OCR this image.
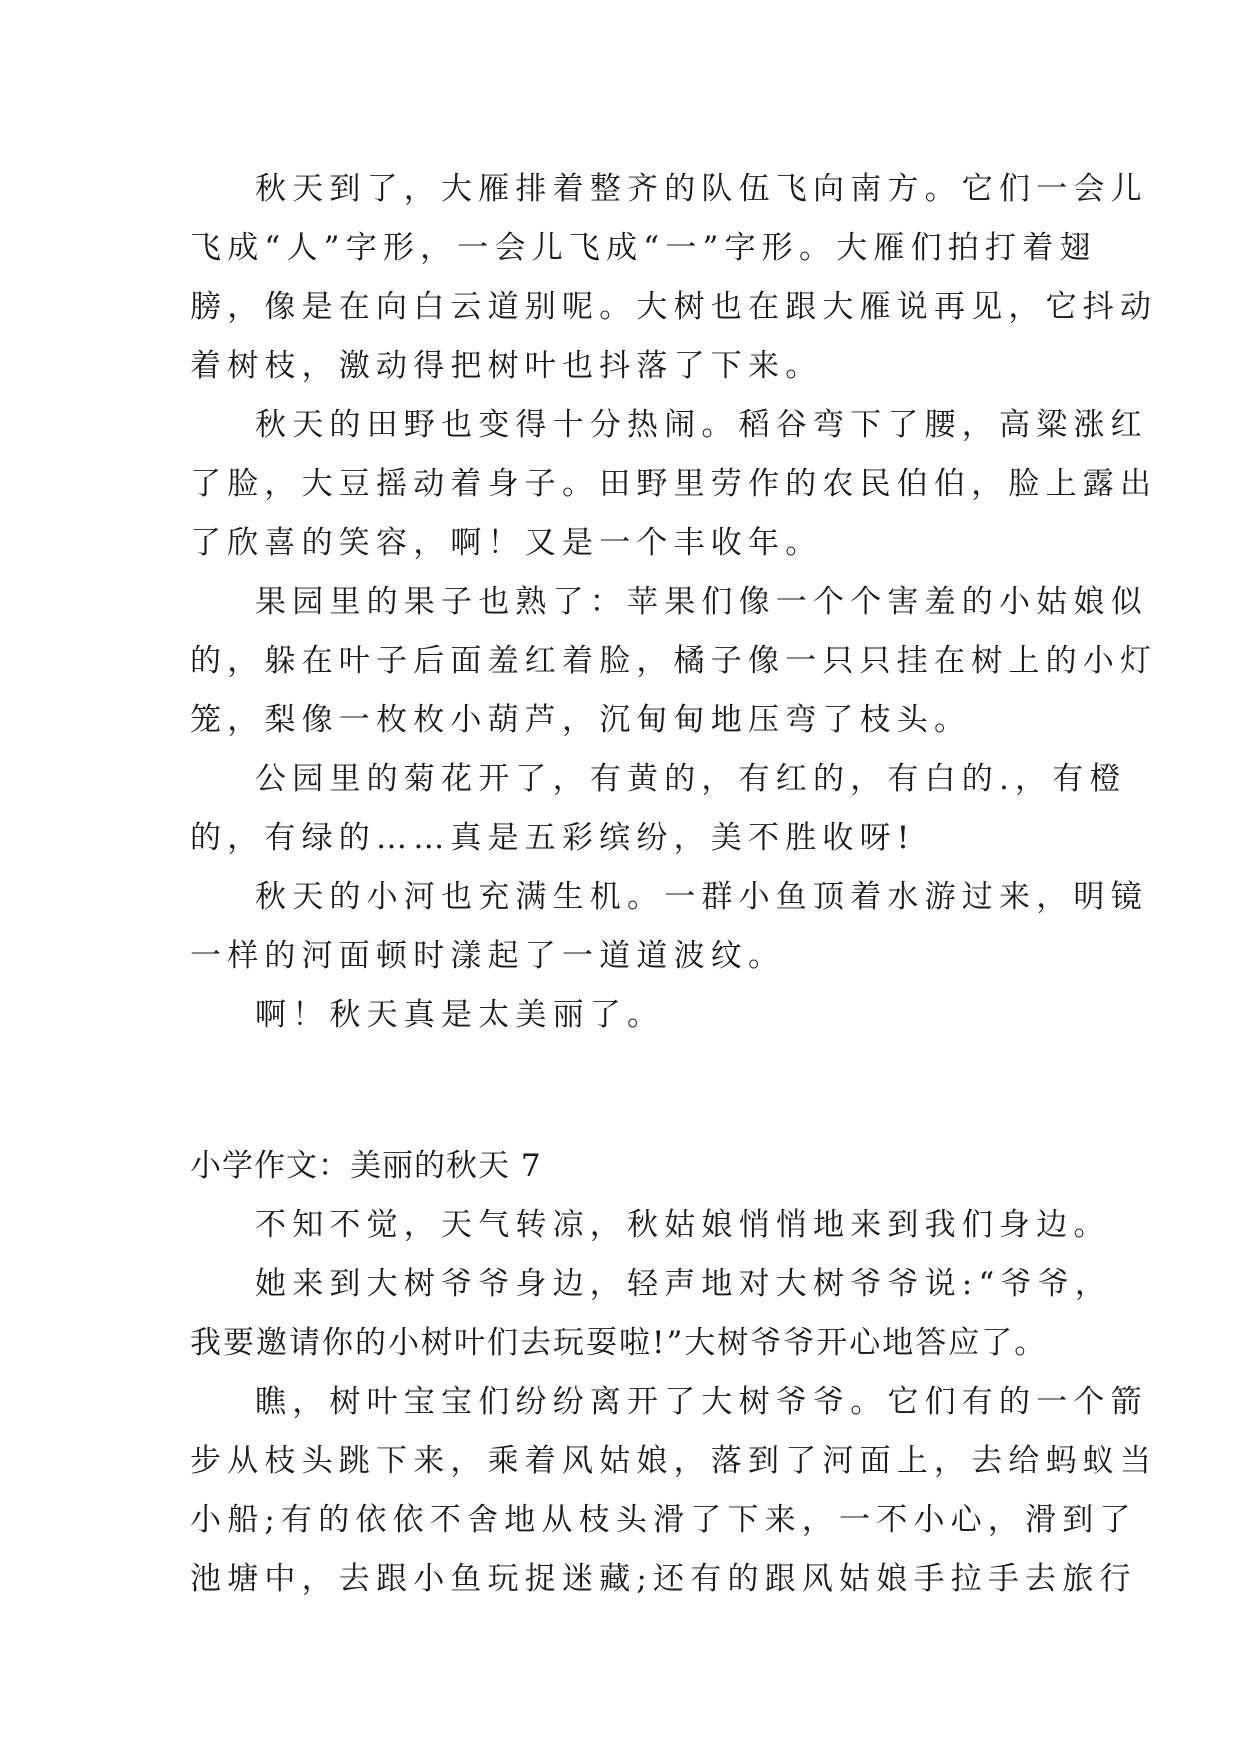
秋天到了，大雁排着整齐的队伍飞向南方。它们一会儿
飞成“人”字形，一会儿飞成“一”字形。大雁们拍打着翅
膀，像是在向白云道别呢。大树也在跟大雁说再见，它抖动
着树枝，激动得把树叶也抖落了下来。
秋天的田野也变得十分热闹。稻谷弯下了腰，高粱涨红
了脸，大豆摇动着身子。田野里劳作的农民伯伯，脸上露出
了欣喜的笑容，啊！又是一个丰收年。
果园里的果子也熟了：苹果们像一个个害羞的小姑娘似
的，躲在叶子后面羞红着脸，橘子像一只只挂在树上的小灯
笼，梨像一枚枚小葫芦，沉甸甸地压弯了枝头。
公园里的菊花开了，有黄的，有红的，有白的.，有橙
的，有绿的……真是五彩缤纷，美不胜收呀!
秋天的小河也充满生机。一群小鱼顶着水游过来，明镜
一样的河面顿时漾起了一道道波纹。
啊！秋天真是太美丽了。
小学作文：美丽的秋天 7
不知不觉，天气转凉，秋姑娘悄悄地来到我们身边。
她来到大树爷爷身边，轻声地对大树爷爷说:“爷爷，
我要邀请你的小树叶们去玩耍啦!”大树爷爷开心地答应了。
瞧，树叶宝宝们纷纷离开了大树爷爷。它们有的一个箭
步从枝头跳下来，乘着风姑娘，落到了河面上，去给蚂蚁当
小船;有的依依不舍地从枝头滑了下来，一不小心，滑到了
池塘中，去跟小鱼玩捉迷藏;还有的跟风姑娘手拉手去旅行
